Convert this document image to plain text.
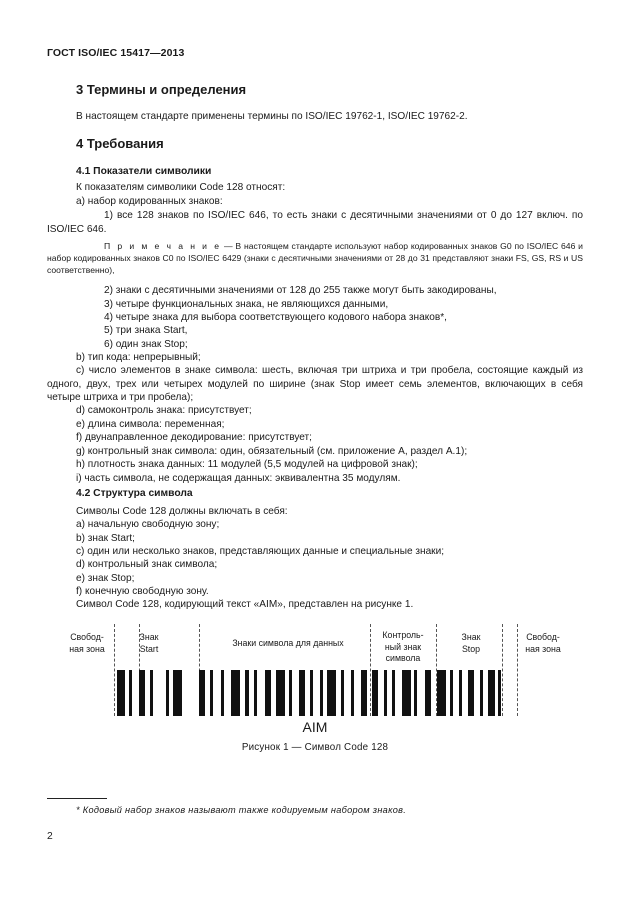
ГОСТ ISO/IEC 15417—2013
3 Термины и определения
В настоящем стандарте применены термины по ISO/IEC 19762-1, ISO/IEC 19762-2.
4 Требования
4.1 Показатели символики
К показателям символики Code 128 относят:
а) набор кодированных знаков:
1) все 128 знаков по ISO/IEC 646, то есть знаки с десятичными значениями от 0 до 127 включ. по ISO/IEC 646.
П р и м е ч а н и е — В настоящем стандарте используют набор кодированных знаков G0 по ISO/IEC 646 и набор кодированных знаков C0 по ISO/IEC 6429 (знаки с десятичными значениями от 28 до 31 представляют знаки FS, GS, RS и US соответственно),
2) знаки с десятичными значениями от 128 до 255 также могут быть закодированы,
3) четыре функциональных знака, не являющихся данными,
4) четыре знака для выбора соответствующего кодового набора знаков*,
5) три знака Start,
6) один знак Stop;
b) тип кода: непрерывный;
c) число элементов в знаке символа: шесть, включая три штриха и три пробела, состоящие каждый из одного, двух, трех или четырех модулей по ширине (знак Stop имеет семь элементов, включающих в себя четыре штриха и три пробела);
d) самоконтроль знака: присутствует;
e) длина символа: переменная;
f) двунаправленное декодирование: присутствует;
g) контрольный знак символа: один, обязательный (см. приложение А, раздел А.1);
h) плотность знака данных: 11 модулей (5,5 модулей на цифровой знак);
i) часть символа, не содержащая данных: эквивалентна 35 модулям.
4.2 Структура символа
Символы Code 128 должны включать в себя:
а) начальную свободную зону;
b) знак Start;
c) один или несколько знаков, представляющих данные и специальные знаки;
d) контрольный знак символа;
e) знак Stop;
f) конечную свободную зону.
Символ Code 128, кодирующий текст «AIM», представлен на рисунке 1.
Свобод-
ная зона
Знак
Start
Знаки символа для данных
Контроль-
ный знак
символа
Знак
Stop
Свобод-
ная зона
AIM
Рисунок 1 — Символ Code 128
* Кодовый набор знаков называют также кодируемым набором знаков.
2
